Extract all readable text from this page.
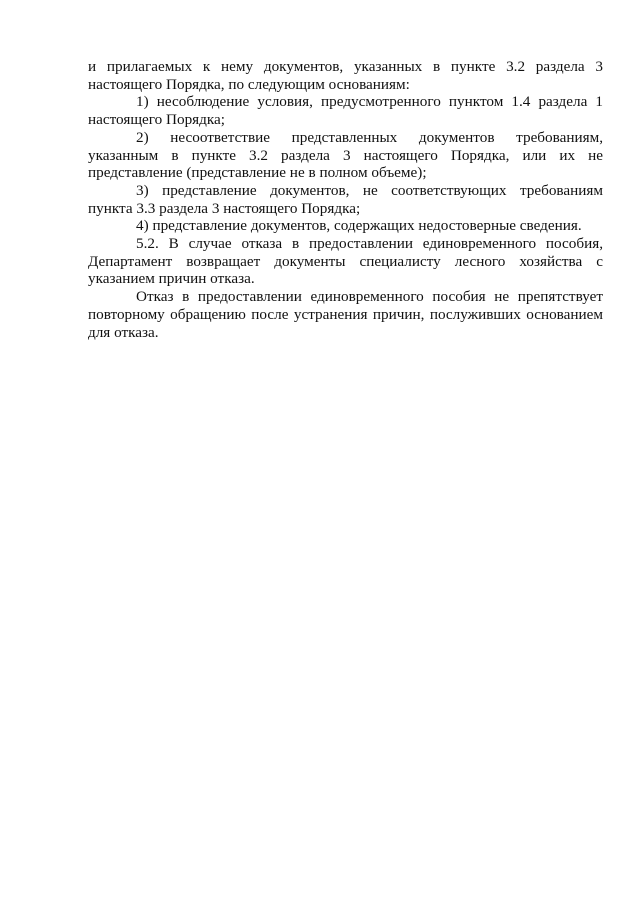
и прилагаемых к нему документов, указанных в пункте 3.2 раздела 3
настоящего Порядка, по следующим основаниям:
1) несоблюдение условия, предусмотренного пунктом 1.4 раздела 1
настоящего Порядка;
2) несоответствие представленных документов требованиям,
указанным в пункте 3.2 раздела 3 настоящего Порядка, или их не
представление (представление не в полном объеме);
3) представление документов, не соответствующих требованиям
пункта 3.3 раздела 3 настоящего Порядка;
4) представление документов, содержащих недостоверные сведения.
5.2. В случае отказа в предоставлении единовременного пособия,
Департамент возвращает документы специалисту лесного хозяйства с
указанием причин отказа.
Отказ в предоставлении единовременного пособия не препятствует
повторному обращению после устранения причин, послуживших основанием
для отказа.
